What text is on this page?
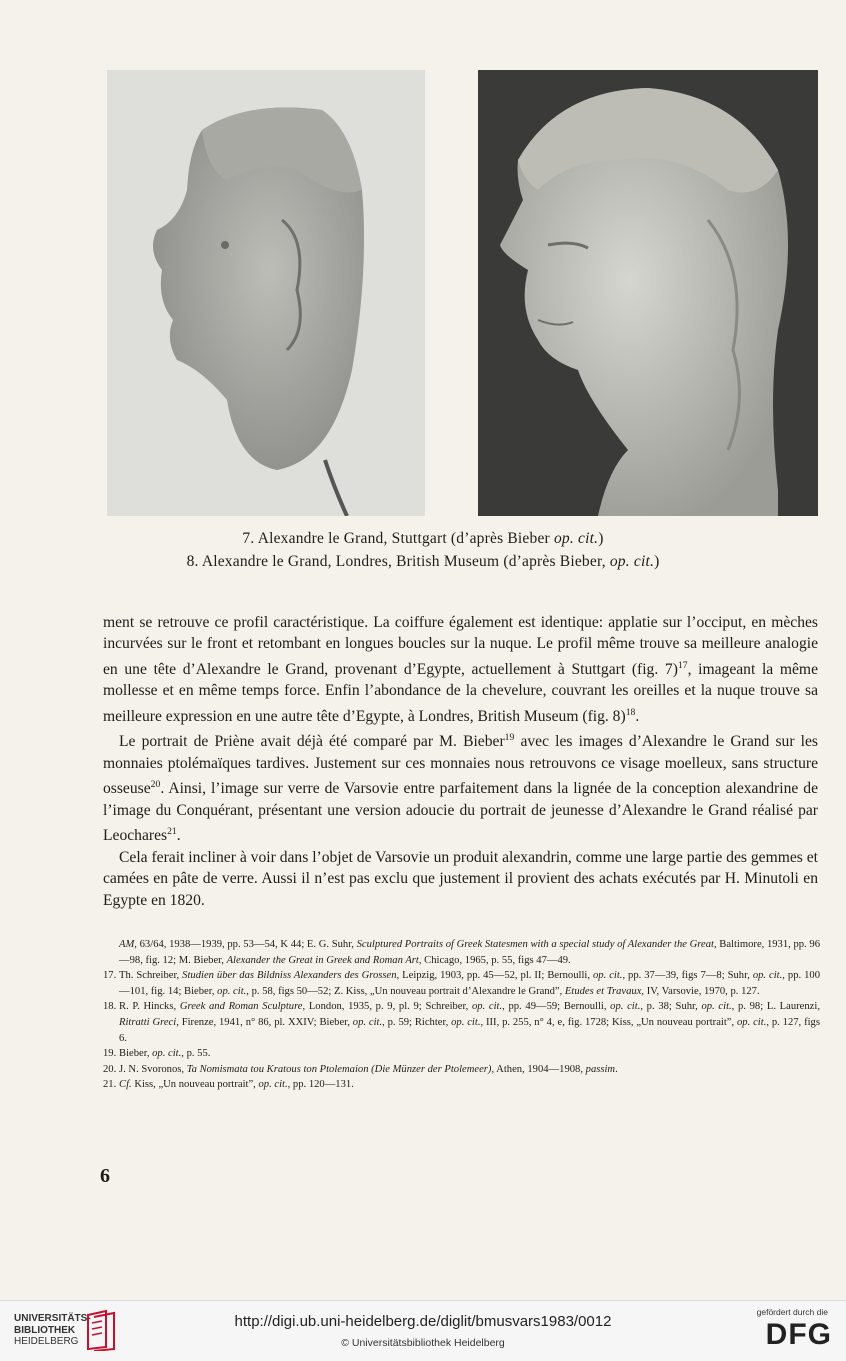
7. Alexandre le Grand, Stuttgart (d’après Bieber op. cit.)
8. Alexandre le Grand, Londres, British Museum (d’après Bieber, op. cit.)

ment se retrouve ce profil caractéristique. La coiffure également est identique: applatie sur l’occiput, en mèches incurvées sur le front et retombant en longues boucles sur la nuque. Le profil même trouve sa meilleure analogie en une tête d’Alexandre le Grand, provenant d’Egypte, actuellement à Stuttgart (fig. 7)$^{17}$, imageant la même mollesse et en même temps force. Enfin l’abondance de la chevelure, couvrant les oreilles et la nuque trouve sa meilleure expression en une autre tête d’Egypte, à Londres, British Museum (fig. 8)$^{18}$.

Le portrait de Priène avait déjà été comparé par M. Bieber$^{19}$ avec les images d’Alexandre le Grand sur les monnaies ptolémaïques tardives. Justement sur ces monnaies nous retrouvons ce visage moelleux, sans structure osseuse$^{20}$. Ainsi, l’image sur verre de Varsovie entre parfaitement dans la lignée de la conception alexandrine de l’image du Conquérant, présentant une version adoucie du portrait de jeunesse d’Alexandre le Grand réalisé par Leochares$^{21}$.

Cela ferait incliner à voir dans l’objet de Varsovie un produit alexandrin, comme une large partie des gemmes et camées en pâte de verre. Aussi il n’est pas exclu que justement il provient des achats exécutés par H. Minutoli en Egypte en 1820.

AM, 63/64, 1938—1939, pp. 53—54, K 44; E. G. Suhr, Sculptured Portraits of Greek Statesmen with a special study of Alexander the Great, Baltimore, 1931, pp. 96—98, fig. 12; M. Bieber, Alexander the Great in Greek and Roman Art, Chicago, 1965, p. 55, figs 47—49.
17. Th. Schreiber, Studien über das Bildniss Alexanders des Grossen, Leipzig, 1903, pp. 45—52, pl. II; Bernoulli, op. cit., pp. 37—39, figs 7—8; Suhr, op. cit., pp. 100—101, fig. 14; Bieber, op. cit., p. 58, figs 50—52; Z. Kiss, „Un nouveau portrait d’Alexandre le Grand”, Etudes et Travaux, IV, Varsovie, 1970, p. 127.
18. R. P. Hincks, Greek and Roman Sculpture, London, 1935, p. 9, pl. 9; Schreiber, op. cit., pp. 49—59; Bernoulli, op. cit., p. 38; Suhr, op. cit., p. 98; L. Laurenzi, Ritratti Greci, Firenze, 1941, n° 86, pl. XXIV; Bieber, op. cit., p. 59; Richter, op. cit., III, p. 255, n° 4, e, fig. 1728; Kiss, „Un nouveau portrait”, op. cit., p. 127, figs 6.
19. Bieber, op. cit., p. 55.
20. J. N. Svoronos, Ta Nomismata tou Kratous ton Ptolemaion (Die Münzer der Ptolemeer), Athen, 1904—1908, passim.
21. Cf. Kiss, „Un nouveau portrait”, op. cit., pp. 120—131.
6
UNIVERSITÄTS-
BIBLIOTHEK
HEIDELBERG
http://digi.ub.uni-heidelberg.de/diglit/bmusvars1983/0012
© Universitätsbibliothek Heidelberg
gefördert durch die
DFG
